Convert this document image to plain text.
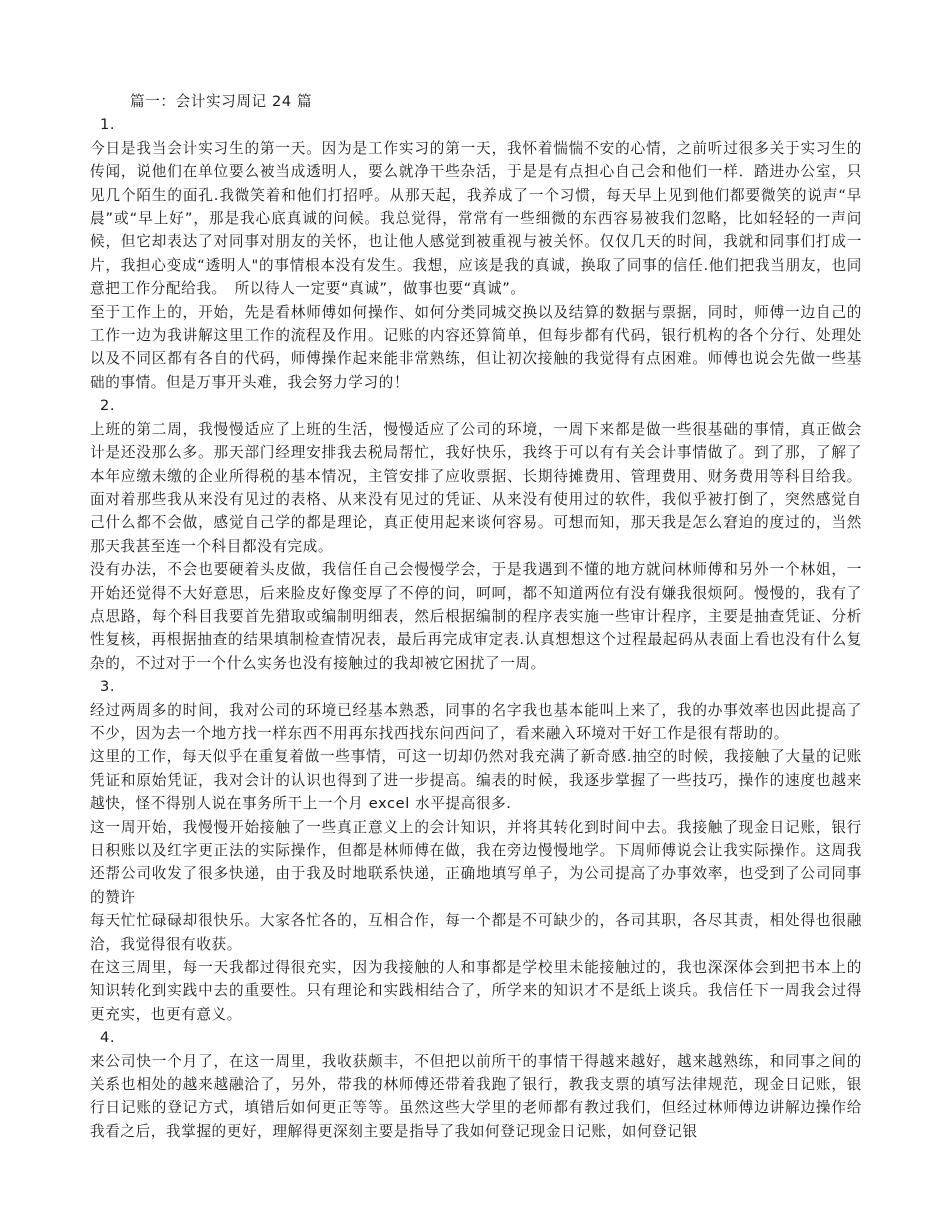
篇一：会计实习周记 24 篇
1.

今日是我当会计实习生的第一天。因为是工作实习的第一天，我怀着惴惴不安的心情，之前听过很多关于实习生的传闻，说他们在单位要么被当成透明人，要么就净干些杂活，于是是有点担心自己会和他们一样．踏进办公室，只见几个陌生的面孔.我微笑着和他们打招呼。从那天起，我养成了一个习惯，每天早上见到他们都要微笑的说声“早晨”或“早上好”，那是我心底真诚的问候。我总觉得，常常有一些细微的东西容易被我们忽略，比如轻轻的一声问候，但它却表达了对同事对朋友的关怀，也让他人感觉到被重视与被关怀。仅仅几天的时间，我就和同事们打成一片，我担心变成“透明人"的事情根本没有发生。我想，应该是我的真诚，换取了同事的信任.他们把我当朋友，也同意把工作分配给我。　所以待人一定要“真诚”，做事也要“真诚”。

至于工作上的，开始，先是看林师傅如何操作、如何分类同城交换以及结算的数据与票据，同时，师傅一边自己的工作一边为我讲解这里工作的流程及作用。记账的内容还算简单，但每步都有代码，银行机构的各个分行、处理处以及不同区都有各自的代码，师傅操作起来能非常熟练，但让初次接触的我觉得有点困难。师傅也说会先做一些基础的事情。但是万事开头难，我会努力学习的！

2.

上班的第二周，我慢慢适应了上班的生活，慢慢适应了公司的环境，一周下来都是做一些很基础的事情，真正做会计是还没那么多。那天部门经理安排我去税局帮忙，我好快乐，我终于可以有有关会计事情做了。到了那，了解了本年应缴未缴的企业所得税的基本情况，主管安排了应收票据、长期待摊费用、管理费用、财务费用等科目给我。面对着那些我从来没有见过的表格、从来没有见过的凭证、从来没有使用过的软件，我似乎被打倒了，突然感觉自己什么都不会做，感觉自己学的都是理论，真正使用起来谈何容易。可想而知，那天我是怎么窘迫的度过的，当然那天我甚至连一个科目都没有完成。

没有办法，不会也要硬着头皮做，我信任自己会慢慢学会，于是我遇到不懂的地方就问林师傅和另外一个林姐，一开始还觉得不大好意思，后来脸皮好像变厚了不停的问，呵呵，都不知道两位有没有嫌我很烦阿。慢慢的，我有了点思路，每个科目我要首先猎取或编制明细表，然后根据编制的程序表实施一些审计程序，主要是抽查凭证、分析性复核，再根据抽查的结果填制检查情况表，最后再完成审定表.认真想想这个过程最起码从表面上看也没有什么复杂的，不过对于一个什么实务也没有接触过的我却被它困扰了一周。

3.

经过两周多的时间，我对公司的环境已经基本熟悉，同事的名字我也基本能叫上来了，我的办事效率也因此提高了不少，因为去一个地方找一样东西不用再东找西找东问西问了，看来融入环境对干好工作是很有帮助的。

这里的工作，每天似乎在重复着做一些事情，可这一切却仍然对我充满了新奇感.抽空的时候，我接触了大量的记账凭证和原始凭证，我对会计的认识也得到了进一步提高。编表的时候，我逐步掌握了一些技巧，操作的速度也越来越快，怪不得别人说在事务所干上一个月 excel 水平提高很多.

这一周开始，我慢慢开始接触了一些真正意义上的会计知识，并将其转化到时间中去。我接触了现金日记账，银行日积账以及红字更正法的实际操作，但都是林师傅在做，我在旁边慢慢地学。下周师傅说会让我实际操作。这周我还帮公司收发了很多快递，由于我及时地联系快递，正确地填写单子，为公司提高了办事效率，也受到了公司同事的赞许

每天忙忙碌碌却很快乐。大家各忙各的，互相合作，每一个都是不可缺少的，各司其职，各尽其责，相处得也很融洽，我觉得很有收获。

在这三周里，每一天我都过得很充实，因为我接触的人和事都是学校里未能接触过的，我也深深体会到把书本上的知识转化到实践中去的重要性。只有理论和实践相结合了，所学来的知识才不是纸上谈兵。我信任下一周我会过得更充实，也更有意义。

4.

来公司快一个月了，在这一周里，我收获颇丰，不但把以前所干的事情干得越来越好，越来越熟练，和同事之间的关系也相处的越来越融洽了，另外，带我的林师傅还带着我跑了银行，教我支票的填写法律规范，现金日记账，银行日记账的登记方式，填错后如何更正等等。虽然这些大学里的老师都有教过我们，但经过林师傅边讲解边操作给我看之后，我掌握的更好，理解得更深刻主要是指导了我如何登记现金日记账，如何登记银
